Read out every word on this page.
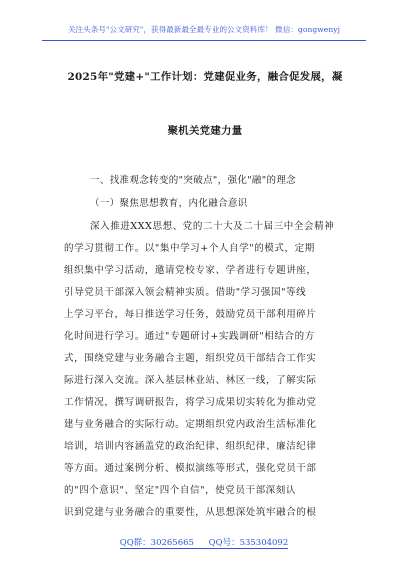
关注头条号"公文研究"，获得最新最全最专业的公文资料库！ 微信：gongwenyj
2025年"党建+"工作计划：党建促业务，融合促发展，凝
聚机关党建力量
一、找准观念转变的"突破点"，强化"融"的理念
（一）聚焦思想教育，内化融合意识
深入推进XXX思想、党的二十大及二十届三中全会精神
的学习贯彻工作。以"集中学习+个人自学"的模式，定期
组织集中学习活动，邀请党校专家、学者进行专题讲座，
引导党员干部深入领会精神实质。借助"学习强国"等线
上学习平台，每日推送学习任务，鼓励党员干部利用碎片
化时间进行学习。通过"专题研讨+实践调研"相结合的方
式，围绕党建与业务融合主题，组织党员干部结合工作实
际进行深入交流。深入基层林业站、林区一线，了解实际
工作情况，撰写调研报告，将学习成果切实转化为推动党
建与业务融合的实际行动。定期组织党内政治生活标准化
培训，培训内容涵盖党的政治纪律、组织纪律、廉洁纪律
等方面。通过案例分析、模拟演练等形式，强化党员干部
的"四个意识"、坚定"四个自信"，使党员干部深刻认
识到党建与业务融合的重要性，从思想深处筑牢融合的根
QQ群：30265665 QQ号：535304092
